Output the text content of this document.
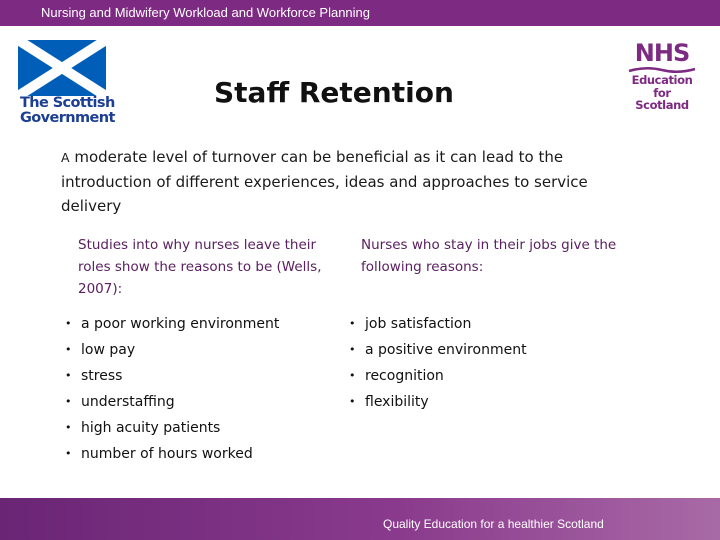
Nursing and Midwifery Workload and Workforce Planning
The Scottish Government
NHS
Education
for
Scotland
Staff Retention
A moderate level of turnover can be beneficial as it can lead to the introduction of different experiences, ideas and approaches to service delivery
Studies into why nurses leave their roles show the reasons to be (Wells, 2007):
Nurses who stay in their jobs give the following reasons:
• a poor working environment
• low pay
• stress
• understaffing
• high acuity patients
• number of hours worked
• job satisfaction
• a positive environment
• recognition
• flexibility
Quality Education for a healthier Scotland
